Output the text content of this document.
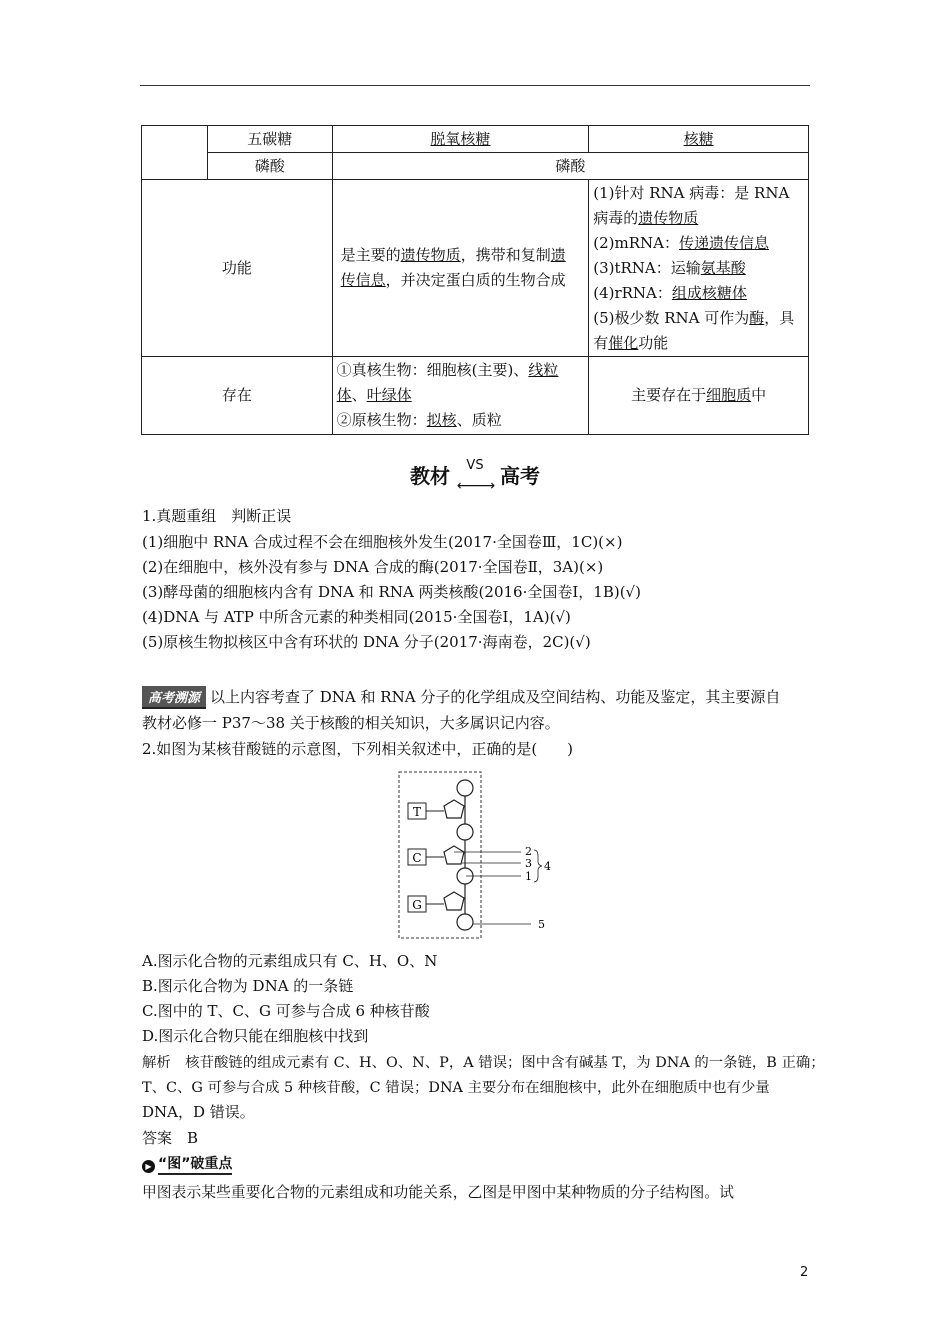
	五碳糖	脱氧核糖	核糖
	磷酸	磷酸	
功能		是主要的遗传物质，携带和复制遗传信息，并决定蛋白质的生物合成	(1)针对 RNA 病毒：是 RNA 病毒的遗传物质
(2)mRNA：传递遗传信息
(3)tRNA：运输氨基酸
(4)rRNA：组成核糖体
(5)极少数 RNA 可作为酶，具有催化功能

存在		①真核生物：细胞核(主要)、线粒体、叶绿体
②原核生物：拟核、质粒	主要存在于细胞质中
教材	VS
⟵⟶ 高考
1.真题重组　判断正误
(1)细胞中 RNA 合成过程不会在细胞核外发生(2017·全国卷Ⅲ，1C)(×)
(2)在细胞中，核外没有参与 DNA 合成的酶(2017·全国卷Ⅱ，3A)(×)
(3)酵母菌的细胞核内含有 DNA 和 RNA 两类核酸(2016·全国卷Ⅰ，1B)(√)
(4)DNA 与 ATP 中所含元素的种类相同(2015·全国卷Ⅰ，1A)(√)
(5)原核生物拟核区中含有环状的 DNA 分子(2017·海南卷，2C)(√)
高考溯源 以上内容考查了 DNA 和 RNA 分子的化学组成及空间结构、功能及鉴定，其主要源自
教材必修一 P37～38 关于核酸的相关知识，大多属识记内容。
2.如图为某核苷酸链的示意图，下列相关叙述中，正确的是(　　)
T
C
G
2
3
1
4
5
A.图示化合物的元素组成只有 C、H、O、N
B.图示化合物为 DNA 的一条链
C.图中的 T、C、G 可参与合成 6 种核苷酸
D.图示化合物只能在细胞核中找到
解析　核苷酸链的组成元素有 C、H、O、N、P，A 错误；图中含有碱基 T，为 DNA 的一条链，B 正确；
T、C、G 可参与合成 5 种核苷酸，C 错误；DNA 主要分布在细胞核中，此外在细胞质中也有少量
DNA，D 错误。
答案　B
▶ “图”破重点
甲图表示某些重要化合物的元素组成和功能关系，乙图是甲图中某种物质的分子结构图。试
2
